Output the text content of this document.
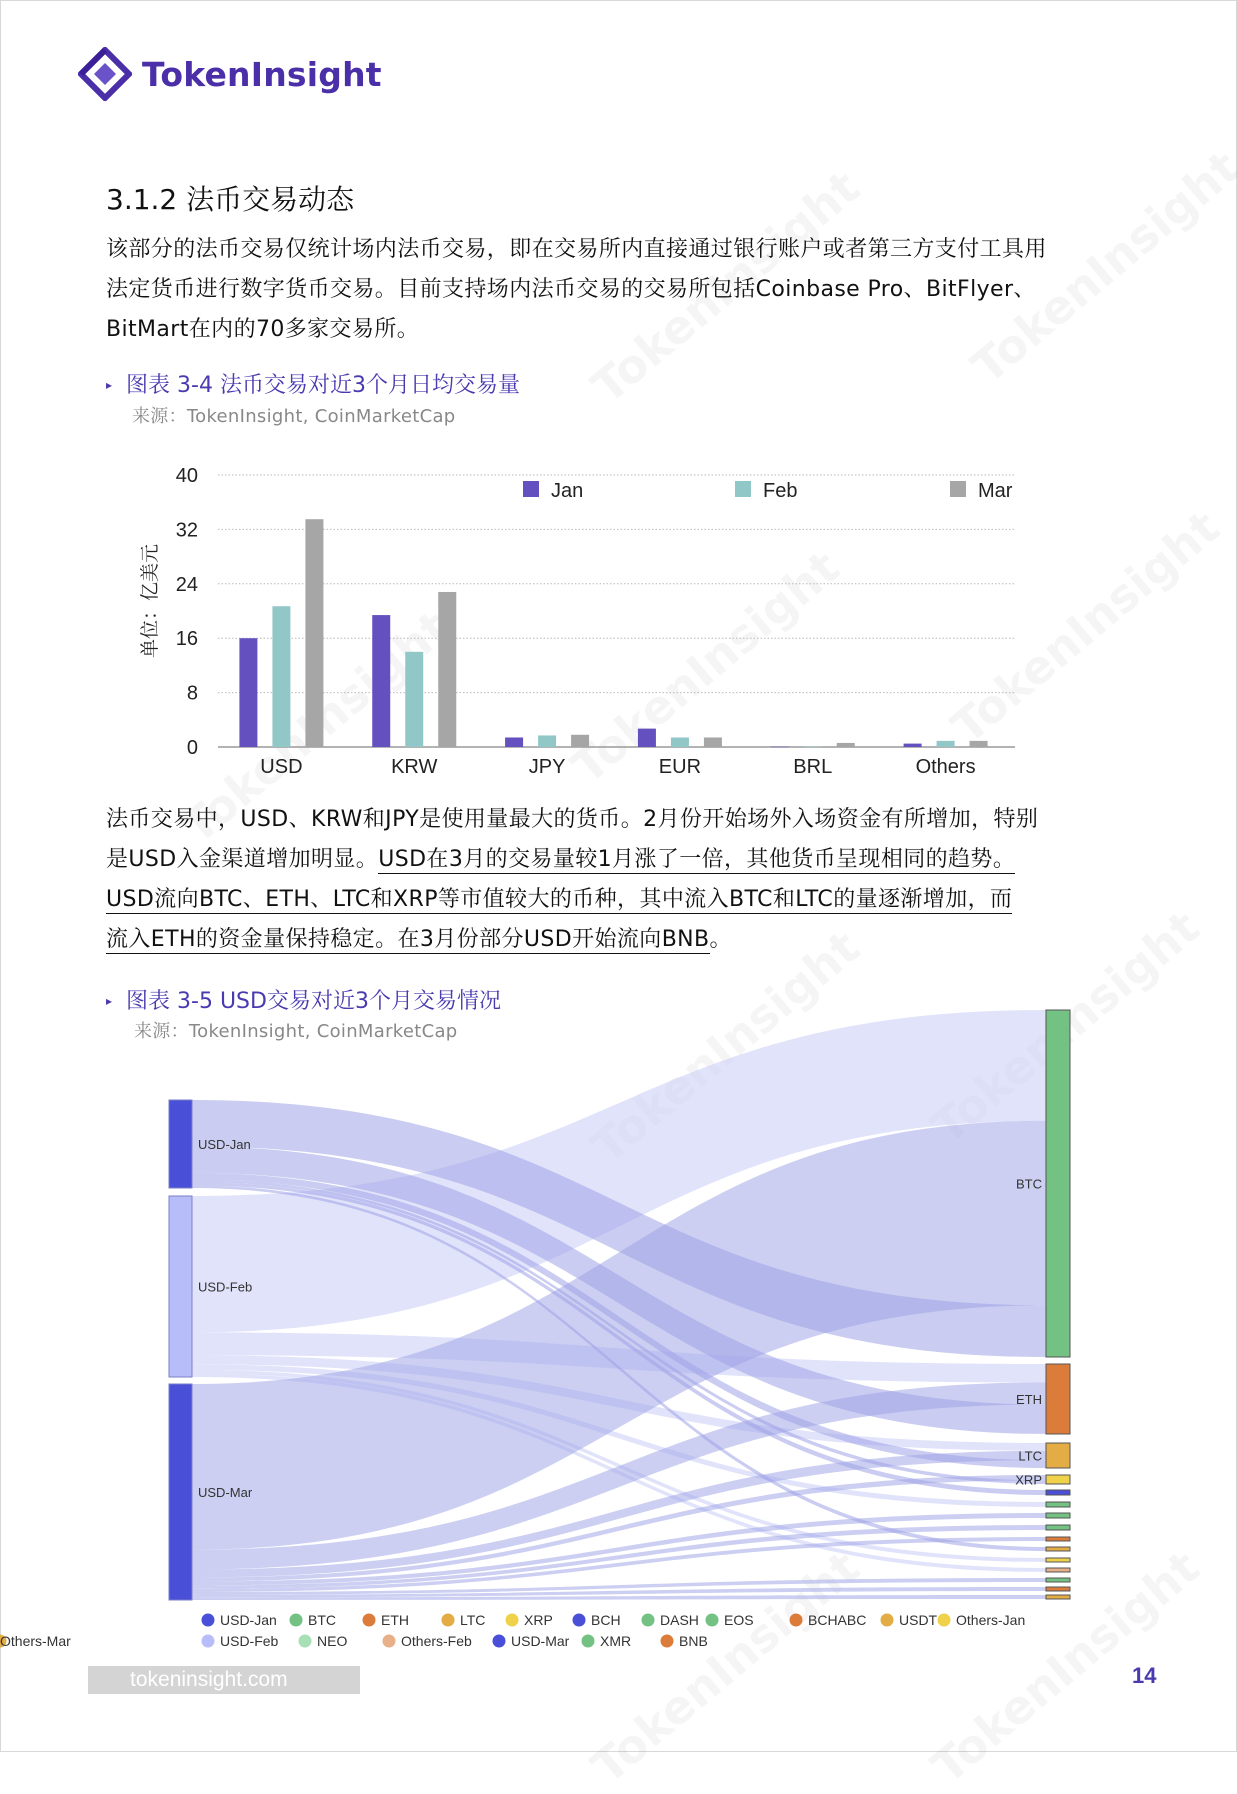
TokenInsight
3.1.2 法币交易动态
该部分的法币交易仅统计场内法币交易，即在交易所内直接通过银行账户或者第三方支付工具用
法定货币进行数字货币交易。目前支持场内法币交易的交易所包括Coinbase Pro、BitFlyer、
BitMart在内的70多家交易所。
▸ 图表 3-4 法币交易对近3个月日均交易量
来源：TokenInsight, CoinMarketCap
0
8
16
24
32
40
单位：亿美元
USD	KRW	JPY	EUR	BRL	Others
Jan	Feb	Mar
法币交易中，USD、KRW和JPY是使用量最大的货币。2月份开始场外入场资金有所增加，特别
是USD入金渠道增加明显。USD在3月的交易量较1月涨了一倍，其他货币呈现相同的趋势。
USD流向BTC、ETH、LTC和XRP等市值较大的币种，其中流入BTC和LTC的量逐渐增加，而
流入ETH的资金量保持稳定。在3月份部分USD开始流向BNB。
▸ 图表 3-5 USD交易对近3个月交易情况
来源：TokenInsight, CoinMarketCap
USD-Jan
USD-Feb
USD-Mar
BTC
ETH
LTC
XRP
USD-Jan BTC	ETH	LTC	XRP	BCH	DASH EOS	BCHABC USDT Others-Jan
USD-Feb	NEO	Others-Feb	USD-Mar XMR	BNB
Others-Mar
tokeninsight.com	14
